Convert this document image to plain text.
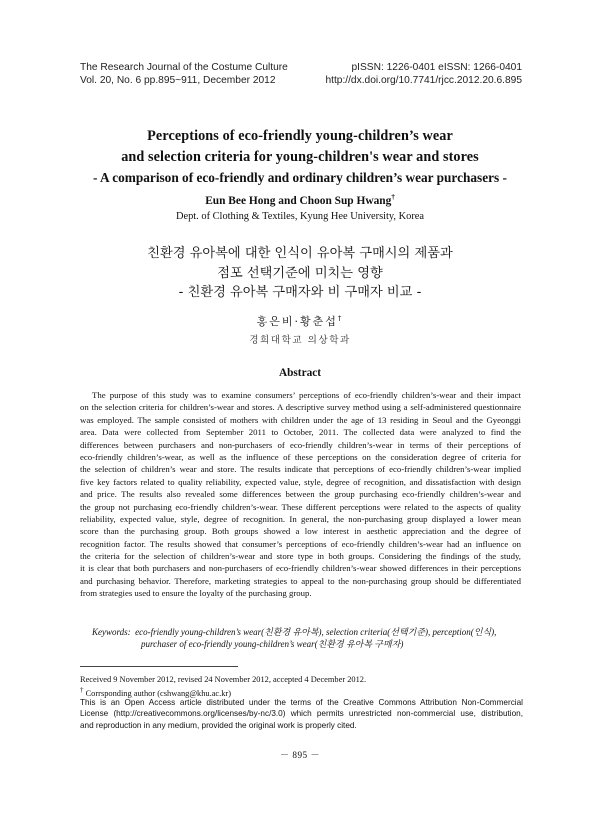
The Research Journal of the Costume Culture
Vol. 20, No. 6 pp.895~911, December 2012
pISSN: 1226-0401 eISSN: 1266-0401
http://dx.doi.org/10.7741/rjcc.2012.20.6.895
Perceptions of eco-friendly young-children’s wear
and selection criteria for young-children's wear and stores
- A comparison of eco-friendly and ordinary children’s wear purchasers -
Eun Bee Hong and Choon Sup Hwang†
Dept. of Clothing & Textiles, Kyung Hee University, Korea
친환경 유아복에 대한 인식이 유아복 구매시의 제품과
점포 선택기준에 미치는 영향
- 친환경 유아복 구매자와 비 구매자 비교 -
홍은비·황춘섭†
경희대학교 의상학과
Abstract
The purpose of this study was to examine consumers’ perceptions of eco-friendly children’s-wear and their impact
on the selection criteria for children’s-wear and stores. A descriptive survey method using a self-administered questionnaire
was employed. The sample consisted of mothers with children under the age of 13 residing in Seoul and the Gyeonggi
area. Data were collected from September 2011 to October, 2011. The collected data were analyzed to find the
differences between purchasers and non-purchasers of eco-friendly children’s-wear in terms of their perceptions of
eco-friendly children’s-wear, as well as the influence of these perceptions on the consideration degree of criteria for
the selection of children’s wear and store. The results indicate that perceptions of eco-friendly children’s-wear implied
five key factors related to quality reliability, expected value, style, degree of recognition, and dissatisfaction with design
and price. The results also revealed some differences between the group purchasing eco-friendly children’s-wear and
the group not purchasing eco-friendly children’s-wear. These different perceptions were related to the aspects of quality
reliability, expected value, style, degree of recognition. In general, the non-purchasing group displayed a lower mean
score than the purchasing group. Both groups showed a low interest in aesthetic appreciation and the degree of
recognition factor. The results showed that consumer’s perceptions of eco-friendly children’s-wear had an influence on
the criteria for the selection of children’s-wear and store type in both groups. Considering the findings of the study,
it is clear that both purchasers and non-purchasers of eco-friendly children’s-wear showed differences in their perceptions
and purchasing behavior. Therefore, marketing strategies to appeal to the non-purchasing group should be differentiated
from strategies used to ensure the loyalty of the purchasing group.
Keywords: eco-friendly young-children’s wear(친환경 유아복), selection criteria(선택기준), perception(인식),
purchaser of eco-friendly young-children’s wear(친환경 유아복 구매자)
Received 9 November 2012, revised 24 November 2012, accepted 4 December 2012.
† Corrsponding author (cshwang@khu.ac.kr)
This is an Open Access article distributed under the terms of the Creative Commons Attribution Non-Commercial
License (http://creativecommons.org/licenses/by-nc/3.0) which permits unrestricted non-commercial use, distribution,
and reproduction in any medium, provided the original work is properly cited.
－ 895 －
